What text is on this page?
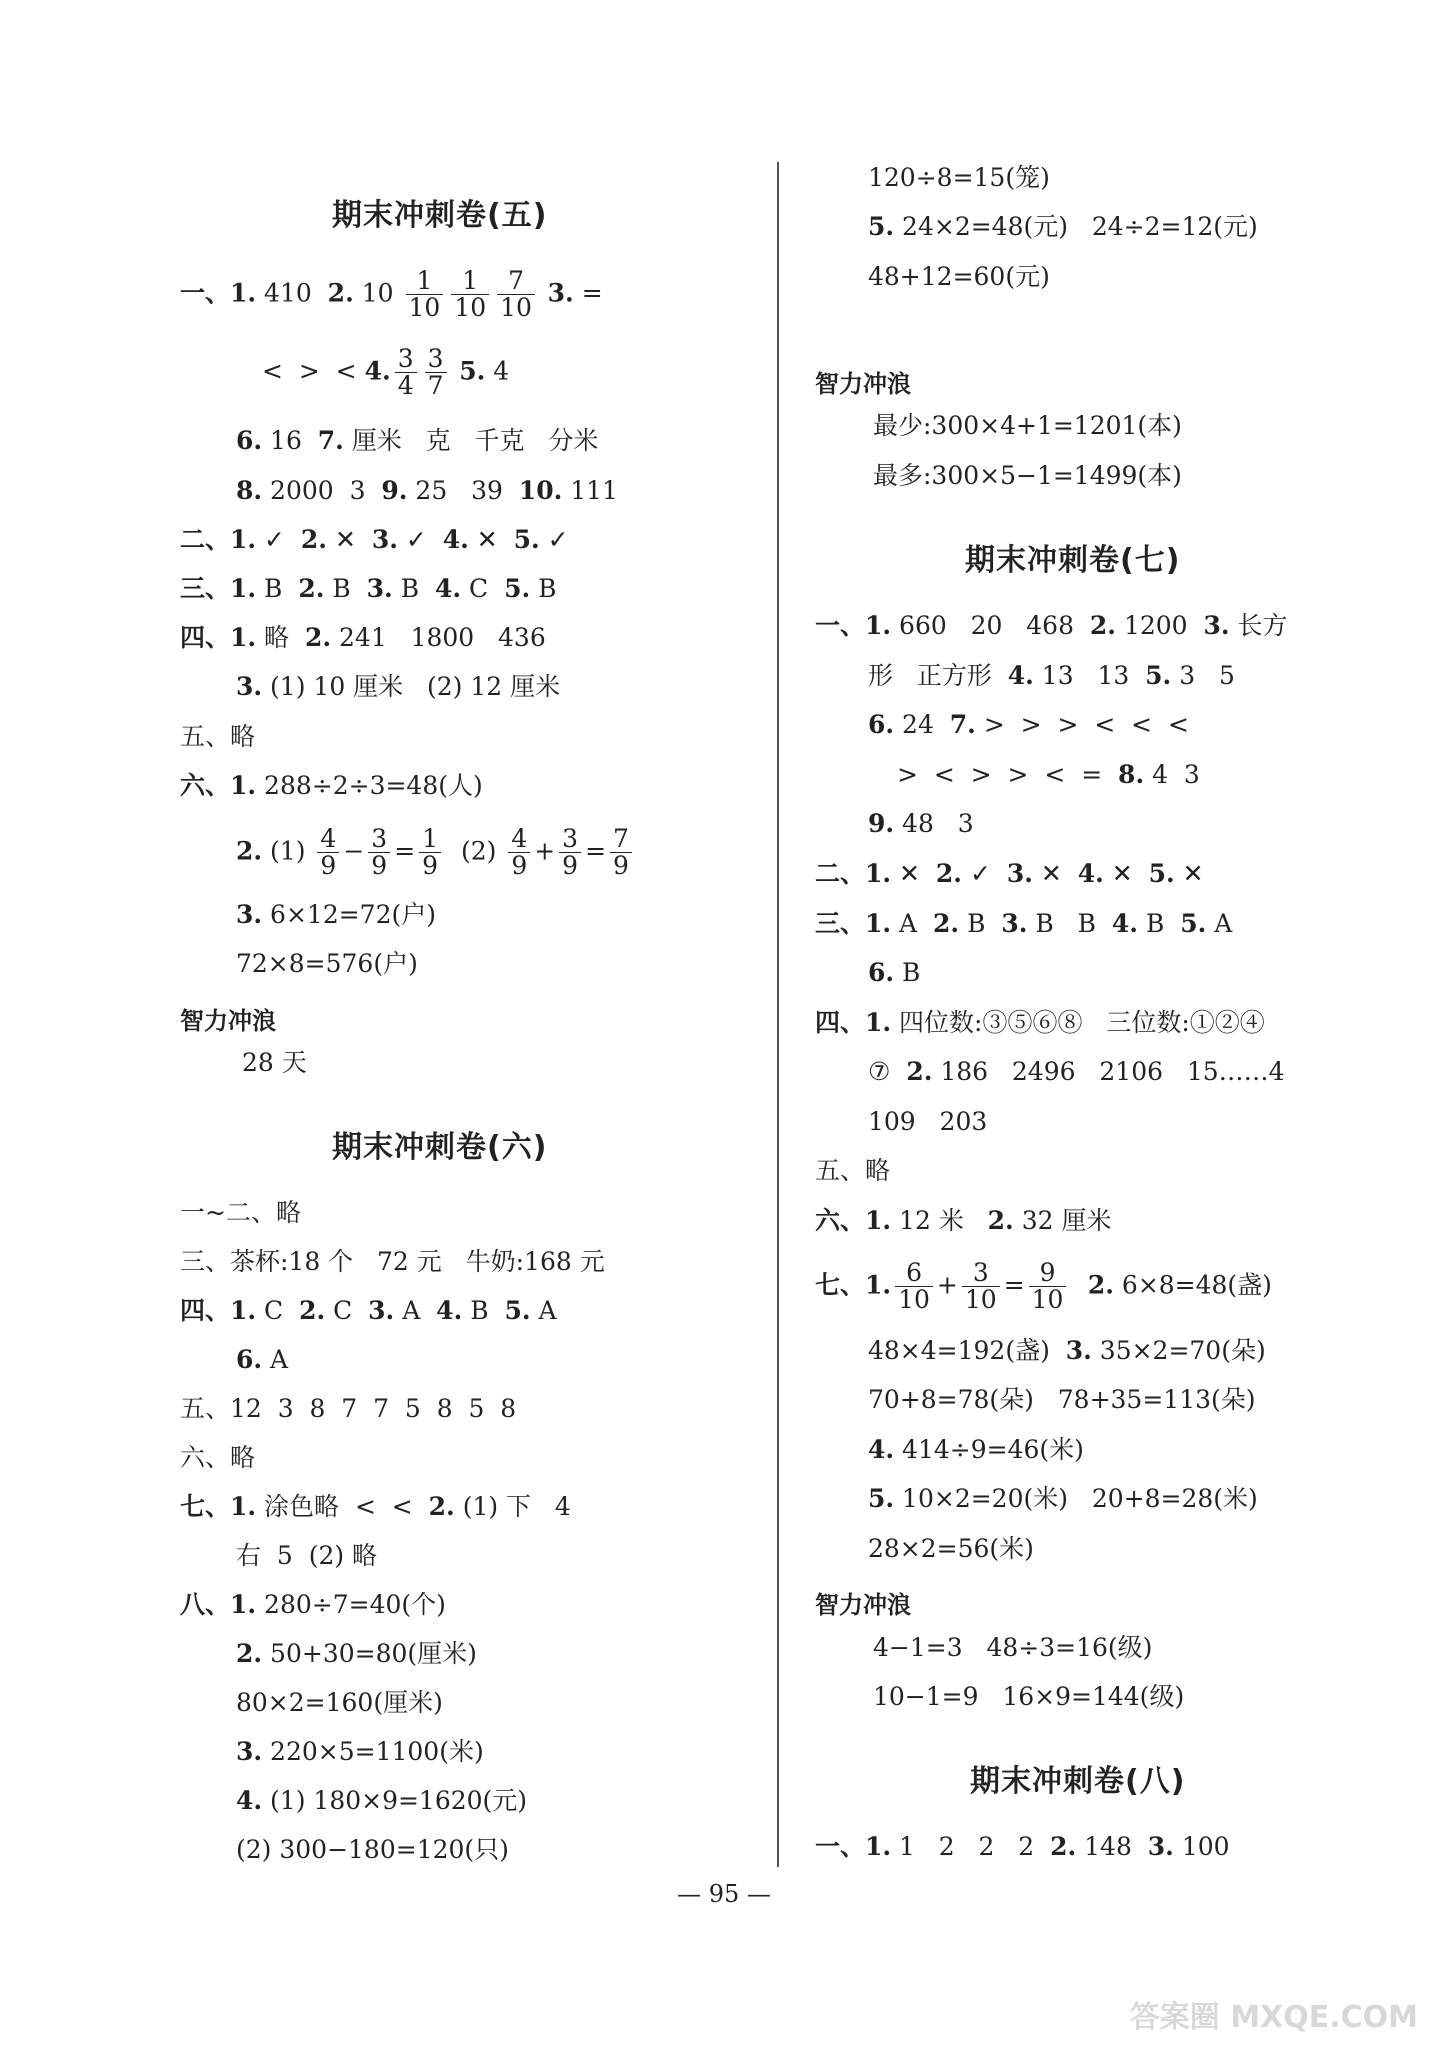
期末冲刺卷(五)
一、1. 410  2. $10 \frac{1}{10} \frac{1}{10} \frac{7}{10} 3$. =
<  >  < 4. $\frac{3}{4} \frac{3}{7} 5$. 4
6. 16  7. 厘米   克   千克   分米
8. 2000  3  9. 25   39  10. 111
二、1. ✓  2. ✕  3. ✓  4. ✕  5. ✓
三、1. B  2. B  3. B  4. C  5. B
四、1. 略  2. 241   1800   436
3. (1) 10 厘米   (2) 12 厘米
五、略
六、1. 288÷2÷3=48(人)
2. $(1) \frac{4}{9} - \frac{3}{9} = \frac{1}{9} (2) \frac{4}{9} + \frac{3}{9} = \frac{7}{9}$
3. 6×12=72(户)
72×8=576(户)
智力冲浪
28 天
期末冲刺卷(六)
一~二、略
三、茶杯:18 个   72 元   牛奶:168 元
四、1. C  2. C  3. A  4. B  5. A
6. A
五、12  3  8  7  7  5  8  5  8
六、略
七、1. 涂色略  <  <  2. (1) 下   4
右  5  (2) 略
八、1. 280÷7=40(个)
2. 50+30=80(厘米)
80×2=160(厘米)
3. 220×5=1100(米)
4. (1) 180×9=1620(元)
(2) 300−180=120(只)
120÷8=15(笼)
5. 24×2=48(元)   24÷2=12(元)
48+12=60(元)
智力冲浪
最少:300×4+1=1201(本)
最多:300×5−1=1499(本)
期末冲刺卷(七)
一、1. 660   20   468  2. 1200  3. 长方
形   正方形  4. 13   13  5. 3   5
6. 24  7. >  >  >  <  <  <
>  <  >  >  <  =  8. 4  3
9. 48   3
二、1. ✕  2. ✓  3. ✕  4. ✕  5. ✕
三、1. A  2. B  3. B   B  4. B  5. A
6. B
四、1. 四位数:③⑤⑥⑧   三位数:①②④
⑦  2. 186   2496   2106   15……4
109   203
五、略
六、1. 12 米   2. 32 厘米
七、1. $\frac{6}{10} + \frac{3}{10} = \frac{9}{10} 2$. 6×8=48(盏)
48×4=192(盏)  3. 35×2=70(朵)
70+8=78(朵)   78+35=113(朵)
4. 414÷9=46(米)
5. 10×2=20(米)   20+8=28(米)
28×2=56(米)
智力冲浪
4−1=3   48÷3=16(级)
10−1=9   16×9=144(级)
期末冲刺卷(八)
一、1. 1   2   2   2  2. 148  3. 100
— 95 —
答案圈 MXQE.COM
